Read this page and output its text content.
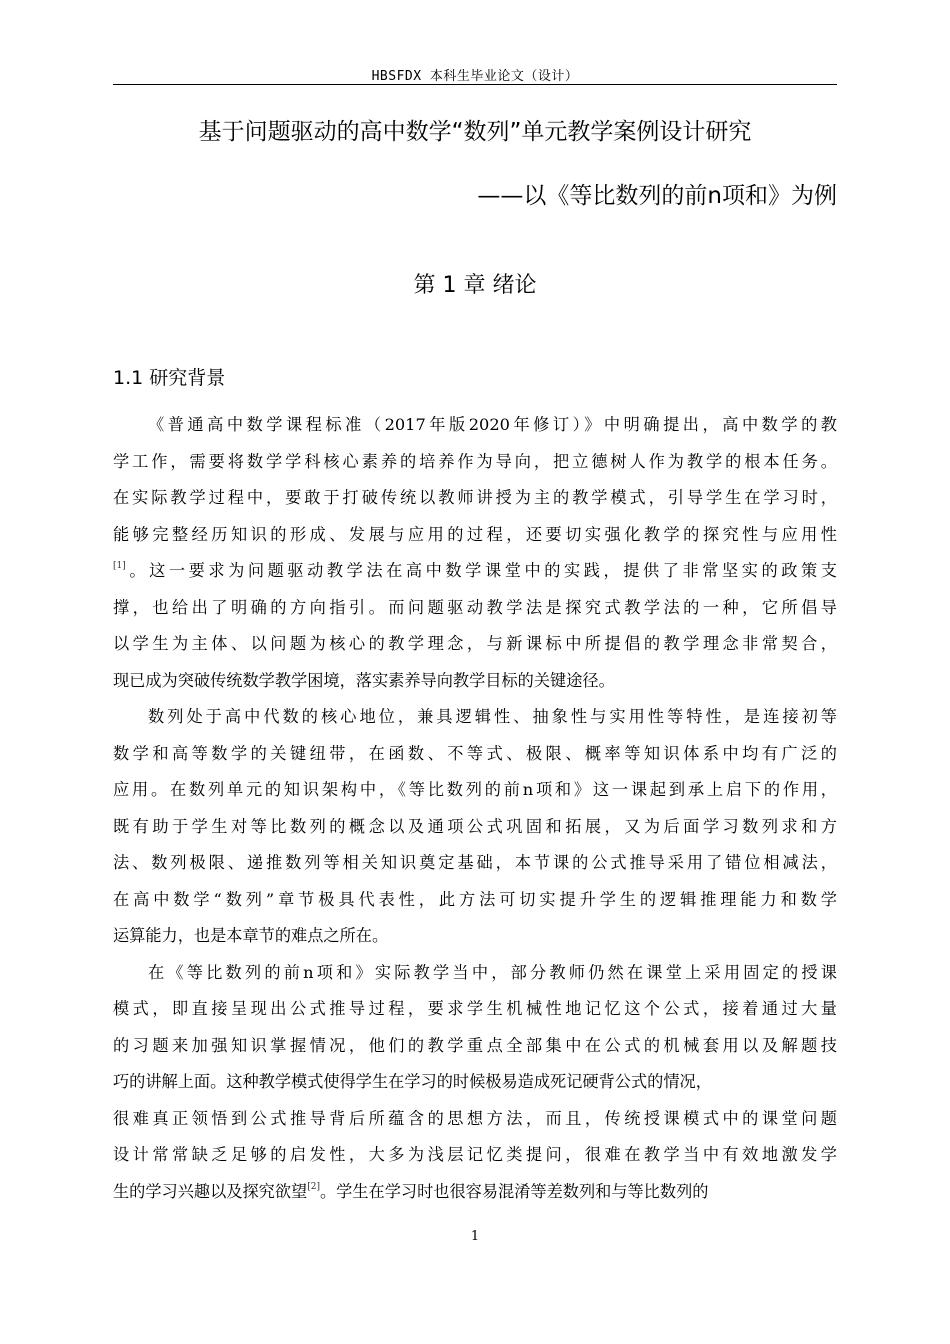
HBSFDX 本科生毕业论文（设计）
基于问题驱动的高中数学“数列”单元教学案例设计研究
——以《等比数列的前n项和》为例
第 1 章 绪论
1.1 研究背景
《普通高中数学课程标准（2017年版2020年修订）》中明确提出，高中数学的教
学工作，需要将数学学科核心素养的培养作为导向，把立德树人作为教学的根本任务。
在实际教学过程中，要敢于打破传统以教师讲授为主的教学模式，引导学生在学习时，
能够完整经历知识的形成、发展与应用的过程，还要切实强化教学的探究性与应用性
[1]。这一要求为问题驱动教学法在高中数学课堂中的实践，提供了非常坚实的政策支
撑，也给出了明确的方向指引。而问题驱动教学法是探究式教学法的一种，它所倡导
以学生为主体、以问题为核心的教学理念，与新课标中所提倡的教学理念非常契合，
现已成为突破传统数学教学困境，落实素养导向教学目标的关键途径。
数列处于高中代数的核心地位，兼具逻辑性、抽象性与实用性等特性，是连接初等
数学和高等数学的关键纽带，在函数、不等式、极限、概率等知识体系中均有广泛的
应用。在数列单元的知识架构中，《等比数列的前n项和》这一课起到承上启下的作用，
既有助于学生对等比数列的概念以及通项公式巩固和拓展，又为后面学习数列求和方
法、数列极限、递推数列等相关知识奠定基础，本节课的公式推导采用了错位相减法，
在高中数学“数列”章节极具代表性，此方法可切实提升学生的逻辑推理能力和数学
运算能力，也是本章节的难点之所在。
在《等比数列的前n项和》实际教学当中，部分教师仍然在课堂上采用固定的授课
模式，即直接呈现出公式推导过程，要求学生机械性地记忆这个公式，接着通过大量
的习题来加强知识掌握情况，他们的教学重点全部集中在公式的机械套用以及解题技
巧的讲解上面。这种教学模式使得学生在学习的时候极易造成死记硬背公式的情况，
很难真正领悟到公式推导背后所蕴含的思想方法，而且，传统授课模式中的课堂问题
设计常常缺乏足够的启发性，大多为浅层记忆类提问，很难在教学当中有效地激发学
生的学习兴趣以及探究欲望[2]。学生在学习时也很容易混淆等差数列和与等比数列的
1
